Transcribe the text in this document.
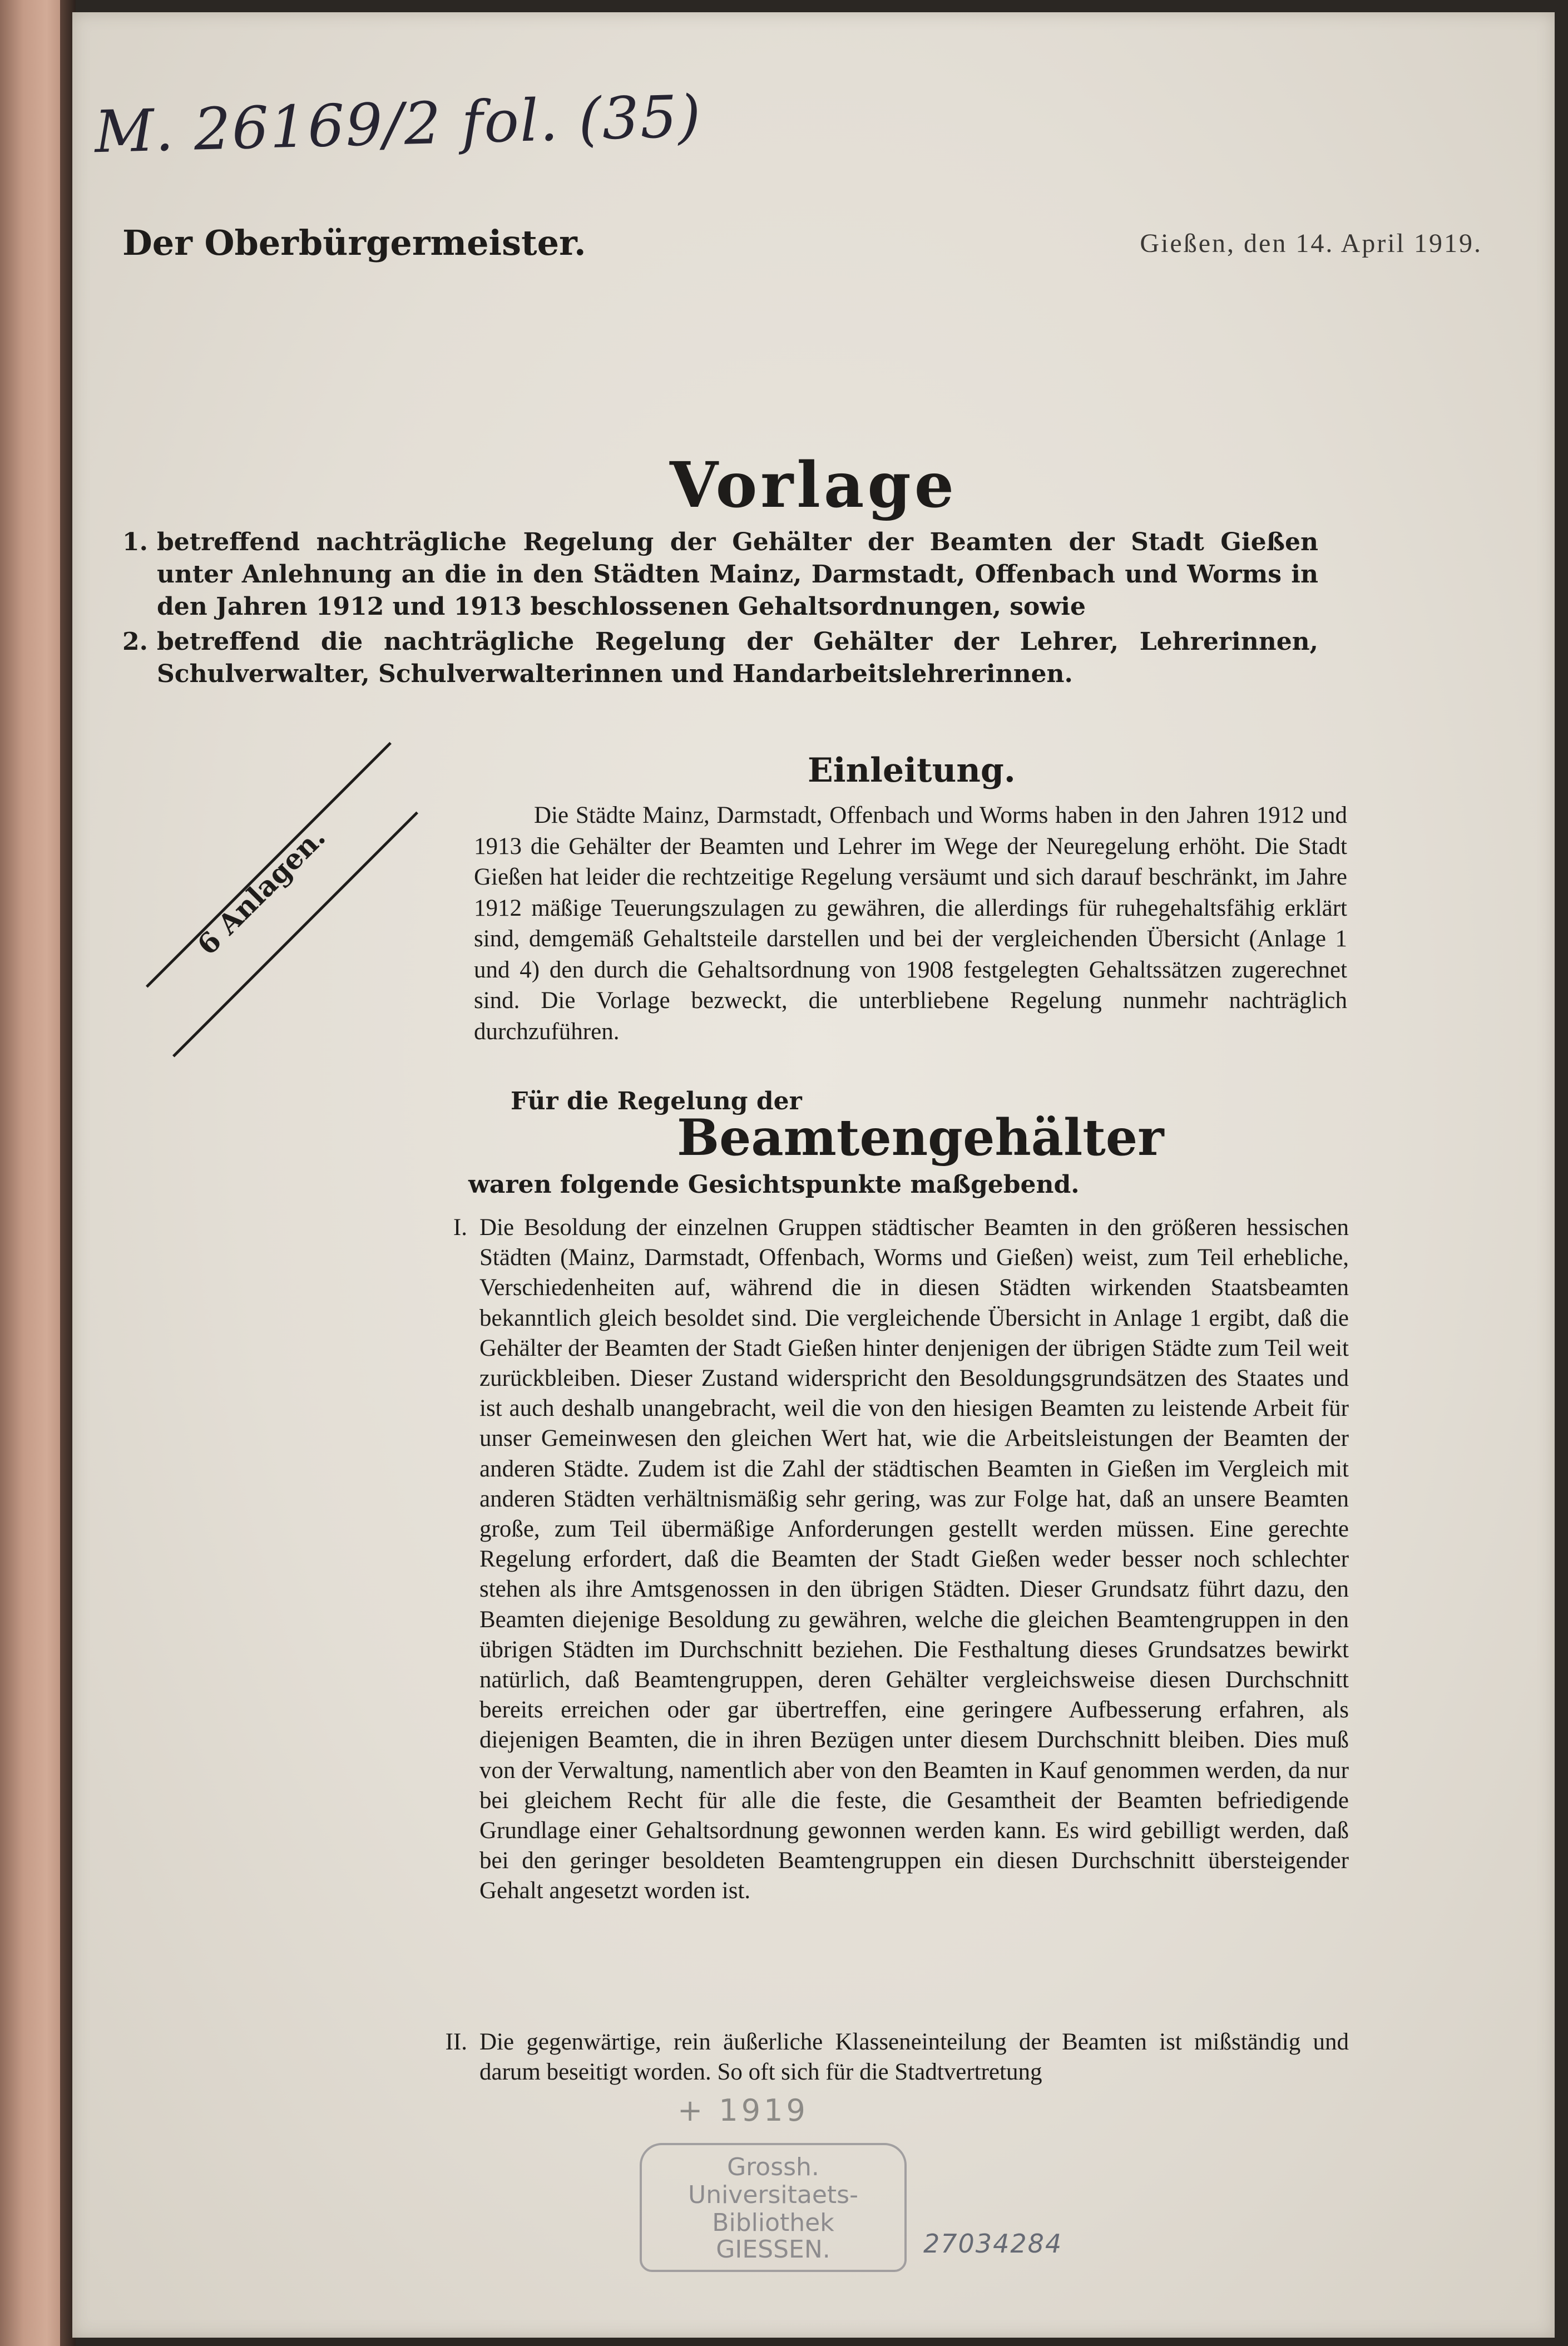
M. 26169/2 fol. (35)
Der Oberbürgermeister.	Gießen, den 14. April 1919.
Vorlage
1. betreffend nachträgliche Regelung der Gehälter der Beamten der Stadt Gießen unter Anlehnung an die in den Städten Mainz, Darmstadt, Offenbach und Worms in den Jahren 1912 und 1913 beschlossenen Gehaltsordnungen, sowie
2. betreffend die nachträgliche Regelung der Gehälter der Lehrer, Lehrerinnen, Schulverwalter, Schulverwalterinnen und Handarbeitslehrerinnen.
6 Anlagen.
Einleitung.
Die Städte Mainz, Darmstadt, Offenbach und Worms haben in den Jahren 1912 und 1913 die Gehälter der Beamten und Lehrer im Wege der Neuregelung erhöht. Die Stadt Gießen hat leider die rechtzeitige Regelung versäumt und sich darauf beschränkt, im Jahre 1912 mäßige Teuerungszulagen zu gewähren, die allerdings für ruhegehaltsfähig erklärt sind, demgemäß Gehaltsteile darstellen und bei der vergleichenden Übersicht (Anlage 1 und 4) den durch die Gehaltsordnung von 1908 festgelegten Gehaltssätzen zugerechnet sind. Die Vorlage bezweckt, die unterbliebene Regelung nunmehr nachträglich durchzuführen.
Für die Regelung der
Beamtengehälter
waren folgende Gesichtspunkte maßgebend.
I. Die Besoldung der einzelnen Gruppen städtischer Beamten in den größeren hessischen Städten (Mainz, Darmstadt, Offenbach, Worms und Gießen) weist, zum Teil erhebliche, Verschiedenheiten auf, während die in diesen Städten wirkenden Staatsbeamten bekanntlich gleich besoldet sind. Die vergleichende Übersicht in Anlage 1 ergibt, daß die Gehälter der Beamten der Stadt Gießen hinter denjenigen der übrigen Städte zum Teil weit zurückbleiben. Dieser Zustand widerspricht den Besoldungsgrundsätzen des Staates und ist auch deshalb unangebracht, weil die von den hiesigen Beamten zu leistende Arbeit für unser Gemeinwesen den gleichen Wert hat, wie die Arbeitsleistungen der Beamten der anderen Städte. Zudem ist die Zahl der städtischen Beamten in Gießen im Vergleich mit anderen Städten verhältnismäßig sehr gering, was zur Folge hat, daß an unsere Beamten große, zum Teil übermäßige Anforderungen gestellt werden müssen. Eine gerechte Regelung erfordert, daß die Beamten der Stadt Gießen weder besser noch schlechter stehen als ihre Amtsgenossen in den übrigen Städten. Dieser Grundsatz führt dazu, den Beamten diejenige Besoldung zu gewähren, welche die gleichen Beamtengruppen in den übrigen Städten im Durchschnitt beziehen. Die Festhaltung dieses Grundsatzes bewirkt natürlich, daß Beamtengruppen, deren Gehälter vergleichsweise diesen Durchschnitt bereits erreichen oder gar übertreffen, eine geringere Aufbesserung erfahren, als diejenigen Beamten, die in ihren Bezügen unter diesem Durchschnitt bleiben. Dies muß von der Verwaltung, namentlich aber von den Beamten in Kauf genommen werden, da nur bei gleichem Recht für alle die feste, die Gesamtheit der Beamten befriedigende Grundlage einer Gehaltsordnung gewonnen werden kann. Es wird gebilligt werden, daß bei den geringer besoldeten Beamtengruppen ein diesen Durchschnitt übersteigender Gehalt angesetzt worden ist.
II. Die gegenwärtige, rein äußerliche Klasseneinteilung der Beamten ist mißständig und darum beseitigt worden. So oft sich für die Stadtvertretung
+ 1919
Grossh.
Universitaets-
Bibliothek
GIESSEN.	27034284
